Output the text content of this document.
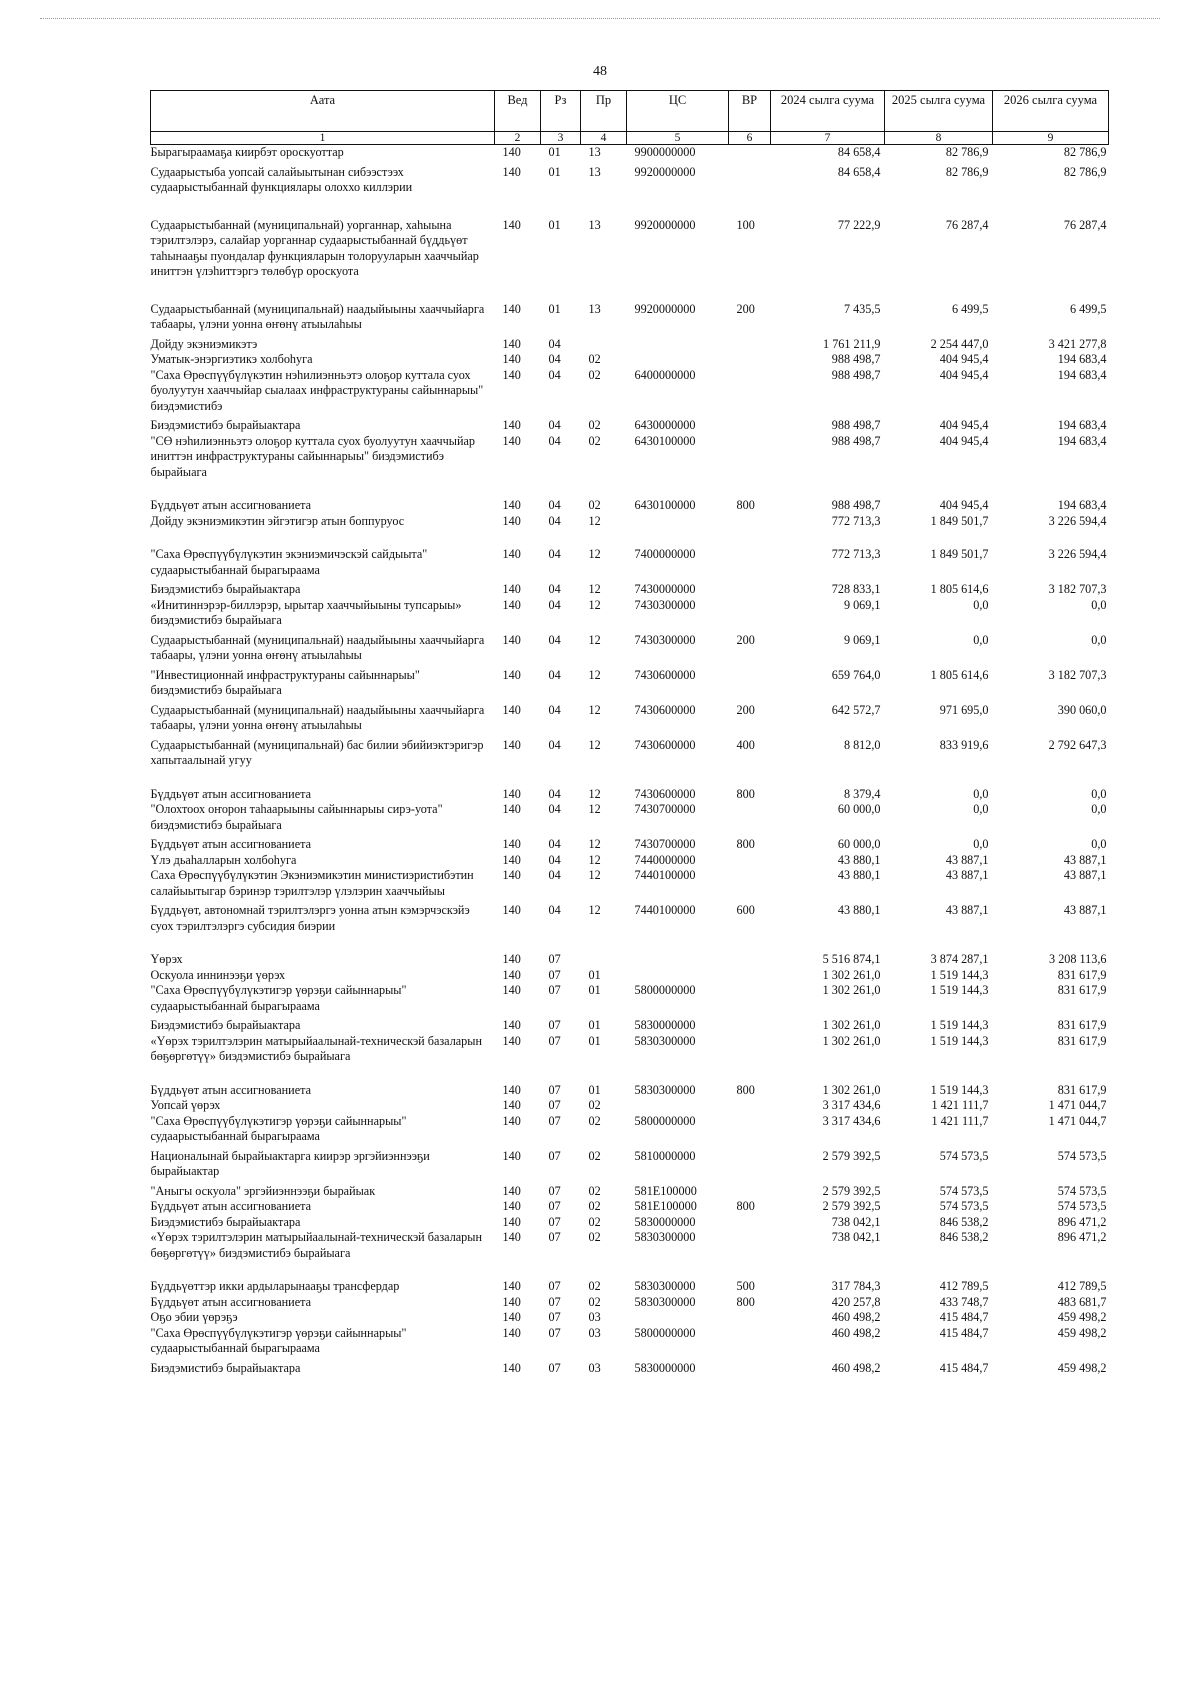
48
Аата	Вед	Рз	Пр	ЦС	ВР	2024 сылга суума	2025 сылга суума	2026 сылга суума
1	2	3	4	5	6	7	8	9
Бырагыраамаҕа киирбэт ороскуоттар	140	01	13	9900000000		84 658,4	82 786,9	82 786,9
Судаарыстыба уопсай салайыытынан сибээстээх судаарыстыбаннай функциялары олоххо киллэрии	140	01	13	9920000000		84 658,4	82 786,9	82 786,9
Судаарыстыбаннай (муниципальнай) уорганнар, хаһыына тэрилтэлэрэ, салайар уорганнар судаарыстыбаннай бүддьүөт таһынааҕы пуондалар функцияларын толорууларын хааччыйар иниттэн үлэһиттэргэ төлөбүр ороскуота	140	01	13	9920000000	100	77 222,9	76 287,4	76 287,4
Судаарыстыбаннай (муниципальнай) наадыйыыны хааччыйарга табаары, үлэни уонна өҥөнү атыылаһыы	140	01	13	9920000000	200	7 435,5	6 499,5	6 499,5
Дойду экэниэмикэтэ	140	04				1 761 211,9	2 254 447,0	3 421 277,8
Уматык-энэргиэтикэ холбоһуга	140	04	02			988 498,7	404 945,4	194 683,4
"Саха Өрөспүүбүлүкэтин нэһилиэнньэтэ олоҕор куттала суох буолуутун хааччыйар сыалаах инфраструктураны сайыннарыы" биэдэмистибэ	140	04	02	6400000000		988 498,7	404 945,4	194 683,4
Биэдэмистибэ бырайыактара	140	04	02	6430000000		988 498,7	404 945,4	194 683,4
"СӨ нэһилиэнньэтэ олоҕор куттала суох буолуутун хааччыйар иниттэн инфраструктураны сайыннарыы" биэдэмистибэ бырайыага	140	04	02	6430100000		988 498,7	404 945,4	194 683,4
Бүддьүөт атын ассигнованиета	140	04	02	6430100000	800	988 498,7	404 945,4	194 683,4
Дойду экэниэмикэтин эйгэтигэр атын боппуруос	140	04	12			772 713,3	1 849 501,7	3 226 594,4
"Саха Өрөспүүбүлүкэтин экэниэмичэскэй сайдыыта" судаарыстыбаннай бырагыраама	140	04	12	7400000000		772 713,3	1 849 501,7	3 226 594,4
Биэдэмистибэ бырайыактара	140	04	12	7430000000		728 833,1	1 805 614,6	3 182 707,3
«Инитиннэрэр-биллэрэр, ырытар хааччыйыыны тупсарыы» биэдэмистибэ бырайыага	140	04	12	7430300000		9 069,1	0,0	0,0
Судаарыстыбаннай (муниципальнай) наадыйыыны хааччыйарга табаары, үлэни уонна өҥөнү атыылаһыы	140	04	12	7430300000	200	9 069,1	0,0	0,0
"Инвестиционнай инфраструктураны сайыннарыы" биэдэмистибэ бырайыага	140	04	12	7430600000		659 764,0	1 805 614,6	3 182 707,3
Судаарыстыбаннай (муниципальнай) наадыйыыны хааччыйарга табаары, үлэни уонна өҥөнү атыылаһыы	140	04	12	7430600000	200	642 572,7	971 695,0	390 060,0
Судаарыстыбаннай (муниципальнай) бас билии эбийиэктэригэр хапытаалынай угуу	140	04	12	7430600000	400	8 812,0	833 919,6	2 792 647,3
Бүддьүөт атын ассигнованиета	140	04	12	7430600000	800	8 379,4	0,0	0,0
"Олохтоох оҥорон таһаарыыны сайыннарыы сирэ-уота" биэдэмистибэ бырайыага	140	04	12	7430700000		60 000,0	0,0	0,0
Бүддьүөт атын ассигнованиета	140	04	12	7430700000	800	60 000,0	0,0	0,0
Үлэ дьаһалларын холбоһуга	140	04	12	7440000000		43 880,1	43 887,1	43 887,1
Саха Өрөспүүбүлүкэтин Экэниэмикэтин министиэристибэтин салайыытыгар бэринэр тэрилтэлэр үлэлэрин хааччыйыы	140	04	12	7440100000		43 880,1	43 887,1	43 887,1
Бүддьүөт, автономнай тэрилтэлэргэ уонна атын кэмэрчэскэйэ суох тэрилтэлэргэ субсидия биэрии	140	04	12	7440100000	600	43 880,1	43 887,1	43 887,1
Үөрэх	140	07				5 516 874,1	3 874 287,1	3 208 113,6
Оскуола иннинээҕи үөрэх	140	07	01			1 302 261,0	1 519 144,3	831 617,9
"Саха Өрөспүүбүлүкэтигэр үөрэҕи сайыннарыы" судаарыстыбаннай бырагыраама	140	07	01	5800000000		1 302 261,0	1 519 144,3	831 617,9
Биэдэмистибэ бырайыактара	140	07	01	5830000000		1 302 261,0	1 519 144,3	831 617,9
«Үөрэх тэрилтэлэрин матырыйаалынай-техническэй базаларын бөҕөргөтүү» биэдэмистибэ бырайыага	140	07	01	5830300000		1 302 261,0	1 519 144,3	831 617,9
Бүддьүөт атын ассигнованиета	140	07	01	5830300000	800	1 302 261,0	1 519 144,3	831 617,9
Уопсай үөрэх	140	07	02			3 317 434,6	1 421 111,7	1 471 044,7
"Саха Өрөспүүбүлүкэтигэр үөрэҕи сайыннарыы" судаарыстыбаннай бырагыраама	140	07	02	5800000000		3 317 434,6	1 421 111,7	1 471 044,7
Националынай бырайыактарга киирэр эргэйиэннээҕи бырайыактар	140	07	02	5810000000		2 579 392,5	574 573,5	574 573,5
"Аныгы оскуола" эргэйиэннээҕи бырайыак	140	07	02	581Е100000		2 579 392,5	574 573,5	574 573,5
Бүддьүөт атын ассигнованиета	140	07	02	581Е100000	800	2 579 392,5	574 573,5	574 573,5
Биэдэмистибэ бырайыактара	140	07	02	5830000000		738 042,1	846 538,2	896 471,2
«Үөрэх тэрилтэлэрин матырыйаалынай-техническэй базаларын бөҕөргөтүү» биэдэмистибэ бырайыага	140	07	02	5830300000		738 042,1	846 538,2	896 471,2
Бүддьүөттэр икки ардыларынааҕы трансфердар	140	07	02	5830300000	500	317 784,3	412 789,5	412 789,5
Бүддьүөт атын ассигнованиета	140	07	02	5830300000	800	420 257,8	433 748,7	483 681,7
Оҕо эбии үөрэҕэ	140	07	03			460 498,2	415 484,7	459 498,2
"Саха Өрөспүүбүлүкэтигэр үөрэҕи сайыннарыы" судаарыстыбаннай бырагыраама	140	07	03	5800000000		460 498,2	415 484,7	459 498,2
Биэдэмистибэ бырайыактара	140	07	03	5830000000		460 498,2	415 484,7	459 498,2
